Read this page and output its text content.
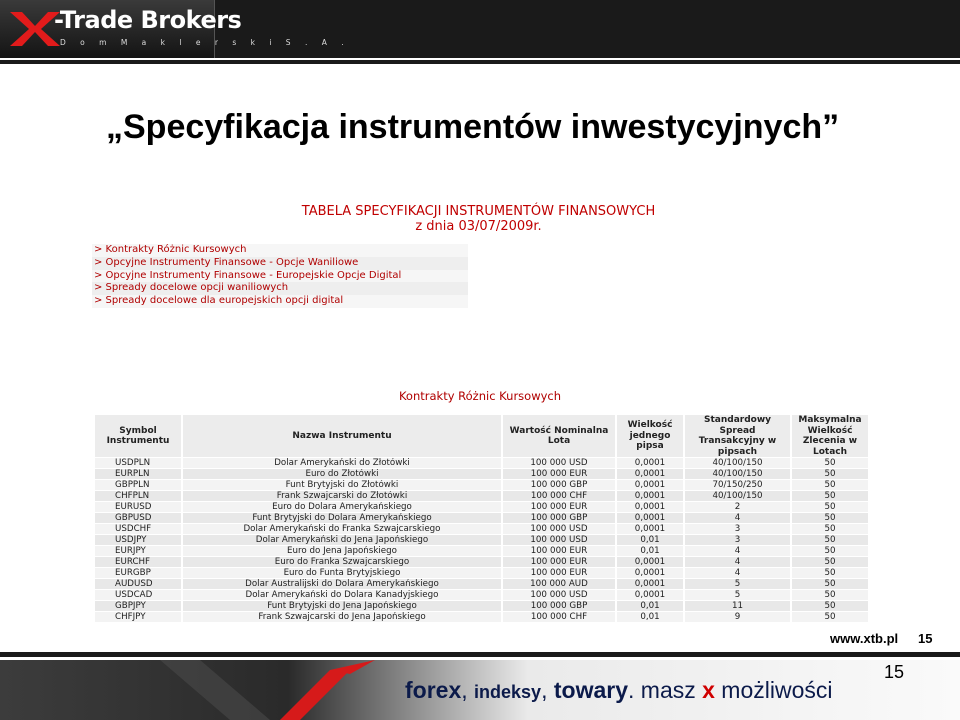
-Trade Brokers
D o m M a k l e r s k i S . A .
„Specyfikacja instrumentów inwestycyjnych”
TABELA SPECYFIKACJI INSTRUMENTÓW FINANSOWYCH
z dnia 03/07/2009r.
> Kontrakty Różnic Kursowych
> Opcyjne Instrumenty Finansowe - Opcje Waniliowe
> Opcyjne Instrumenty Finansowe - Europejskie Opcje Digital
> Spready docelowe opcji waniliowych
> Spready docelowe dla europejskich opcji digital
Kontrakty Różnic Kursowych
Symbol Instrumentu	Nazwa Instrumentu	Wartość Nominalna Lota	Wielkość jednego pipsa	Standardowy Spread Transakcyjny w pipsach	Maksymalna Wielkość Zlecenia w Lotach
USDPLN	Dolar Amerykański do Złotówki	100 000 USD	0,0001	40/100/150	50
EURPLN	Euro do Złotówki	100 000 EUR	0,0001	40/100/150	50
GBPPLN	Funt Brytyjski do Złotówki	100 000 GBP	0,0001	70/150/250	50
CHFPLN	Frank Szwajcarski do Złotówki	100 000 CHF	0,0001	40/100/150	50
EURUSD	Euro do Dolara Amerykańskiego	100 000 EUR	0,0001	2	50
GBPUSD	Funt Brytyjski do Dolara Amerykańskiego	100 000 GBP	0,0001	4	50
USDCHF	Dolar Amerykański do Franka Szwajcarskiego	100 000 USD	0,0001	3	50
USDJPY	Dolar Amerykański do Jena Japońskiego	100 000 USD	0,01	3	50
EURJPY	Euro do Jena Japońskiego	100 000 EUR	0,01	4	50
EURCHF	Euro do Franka Szwajcarskiego	100 000 EUR	0,0001	4	50
EURGBP	Euro do Funta Brytyjskiego	100 000 EUR	0,0001	4	50
AUDUSD	Dolar Australijski do Dolara Amerykańskiego	100 000 AUD	0,0001	5	50
USDCAD	Dolar Amerykański do Dolara Kanadyjskiego	100 000 USD	0,0001	5	50
GBPJPY	Funt Brytyjski do Jena Japońskiego	100 000 GBP	0,01	11	50
CHFJPY	Frank Szwajcarski do Jena Japońskiego	100 000 CHF	0,01	9	50
www.xtb.pl 15
15
forex, indeksy, towary. masz x możliwości
